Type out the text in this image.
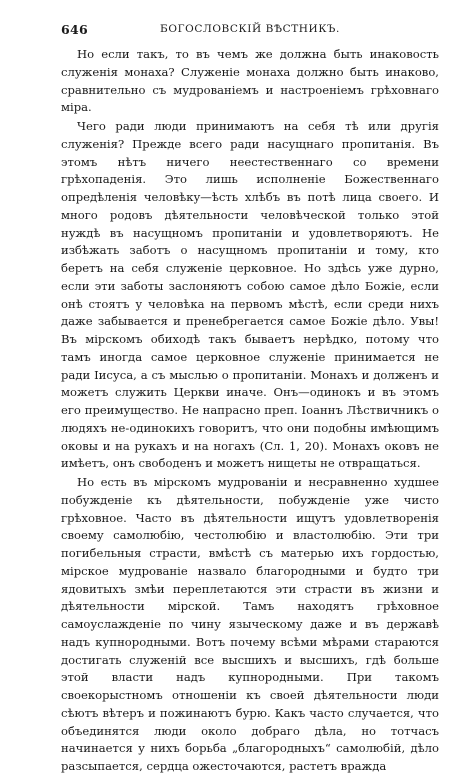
646	БОГОСЛОВСКІЙ ВѢСТНИКЪ.

Но если такъ, то въ чемъ же должна быть инаковость служенія монаха? Служеніе монаха должно быть инаково, сравнительно съ мудрованіемъ и настроеніемъ грѣховнаго міра.

Чего ради люди принимаютъ на себя тѣ или другія служенія? Прежде всего ради насущнаго пропитанія. Въ этомъ нѣтъ ничего неестественнаго со времени грѣхопаденія. Это лишь исполненіе Божественнаго опредѣленія человѣку—ѣсть хлѣбъ въ потѣ лица своего. И много родовъ дѣятельности человѣческой только этой нуждѣ въ насущномъ пропитаніи и удовлетворяютъ. Не избѣжать заботъ о насущномъ пропитаніи и тому, кто беретъ на себя служеніе церковное. Но здѣсь уже дурно, если эти заботы заслоняютъ собою самое дѣло Божіе, если онѣ стоятъ у человѣка на первомъ мѣстѣ, если среди нихъ даже забывается и пренебрегается самое Божіе дѣло. Увы! Въ мірскомъ обиходѣ такъ бываетъ нерѣдко, потому что тамъ иногда самое церковное служеніе принимается не ради Іисуса, а съ мыслью о пропитаніи. Монахъ и долженъ и можетъ служить Церкви иначе. Онъ—одинокъ и въ этомъ его преимущество. Не напрасно преп. Іоаннъ Лѣствичникъ о людяхъ не-одинокихъ говоритъ, что они подобны имѣющимъ оковы и на рукахъ и на ногахъ (Сл. 1, 20). Монахъ оковъ не имѣетъ, онъ свободенъ и можетъ нищеты не отвращаться.

Но есть въ мірскомъ мудрованіи и несравненно худшее побужденіе къ дѣятельности, побужденіе уже чисто грѣховное. Часто въ дѣятельности ищутъ удовлетворенія своему самолюбію, честолюбію и властолюбію. Эти три погибельныя страсти, вмѣстѣ съ матерью ихъ гордостью, мірское мудрованіе назвало благородными и будто три ядовитыхъ змѣи переплетаются эти страсти въ жизни и дѣятельности мірской. Тамъ находятъ грѣховное самоуслажденіе по чину языческому даже и въ державѣ надъ купнородными. Вотъ почему всѣми мѣрами стараются достигать служеній все высшихъ и высшихъ, гдѣ больше этой власти надъ купнородными. При такомъ своекорыстномъ отношеніи къ своей дѣятельности люди сѣютъ вѣтеръ и пожинаютъ бурю. Какъ часто случается, что объединятся люди около добраго дѣла, но тотчасъ начинается у нихъ борьба „благородныхъ“ самолюбій, дѣло разсыпается, сердца ожесточаются, растетъ вражда
